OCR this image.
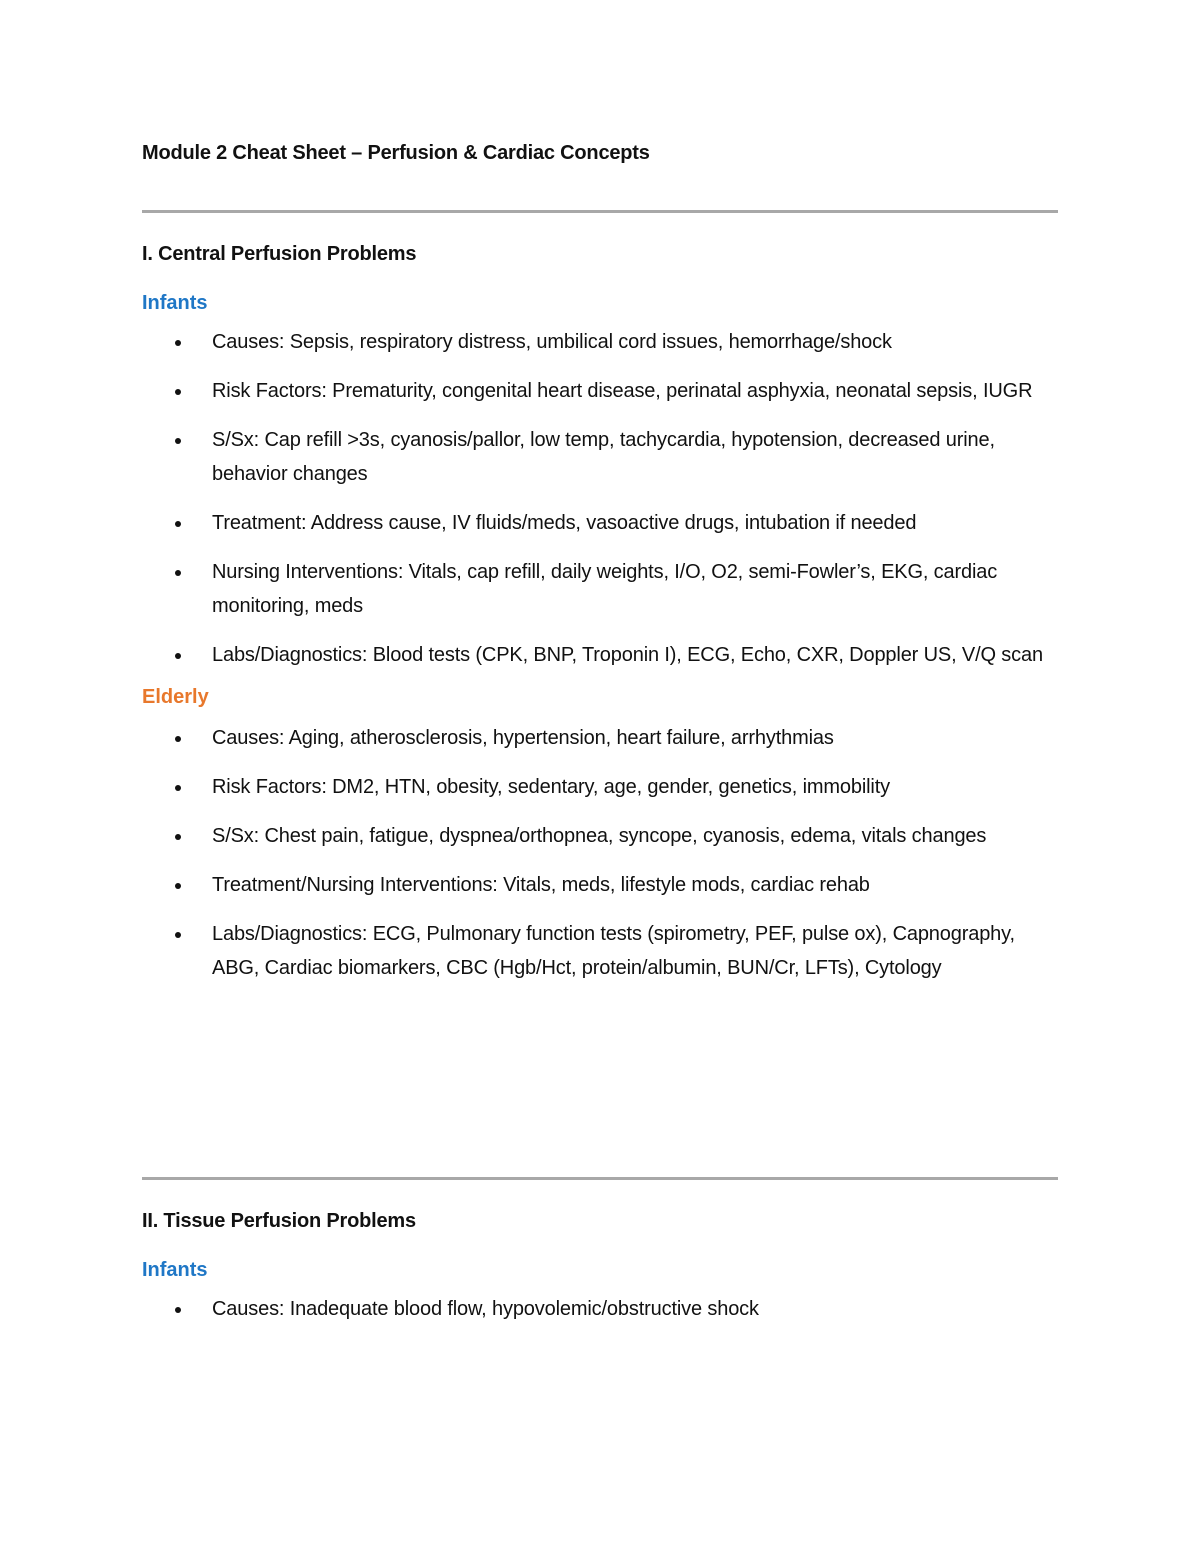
Module 2 Cheat Sheet – Perfusion & Cardiac Concepts
I. Central Perfusion Problems
Infants
Causes: Sepsis, respiratory distress, umbilical cord issues, hemorrhage/shock
Risk Factors: Prematurity, congenital heart disease, perinatal asphyxia, neonatal sepsis, IUGR
S/Sx: Cap refill >3s, cyanosis/pallor, low temp, tachycardia, hypotension, decreased urine, behavior changes
Treatment: Address cause, IV fluids/meds, vasoactive drugs, intubation if needed
Nursing Interventions: Vitals, cap refill, daily weights, I/O, O2, semi-Fowler’s, EKG, cardiac monitoring, meds
Labs/Diagnostics: Blood tests (CPK, BNP, Troponin I), ECG, Echo, CXR, Doppler US, V/Q scan
Elderly
Causes: Aging, atherosclerosis, hypertension, heart failure, arrhythmias
Risk Factors: DM2, HTN, obesity, sedentary, age, gender, genetics, immobility
S/Sx: Chest pain, fatigue, dyspnea/orthopnea, syncope, cyanosis, edema, vitals changes
Treatment/Nursing Interventions: Vitals, meds, lifestyle mods, cardiac rehab
Labs/Diagnostics: ECG, Pulmonary function tests (spirometry, PEF, pulse ox), Capnography, ABG, Cardiac biomarkers, CBC (Hgb/Hct, protein/albumin, BUN/Cr, LFTs), Cytology
II. Tissue Perfusion Problems
Infants
Causes: Inadequate blood flow, hypovolemic/obstructive shock
